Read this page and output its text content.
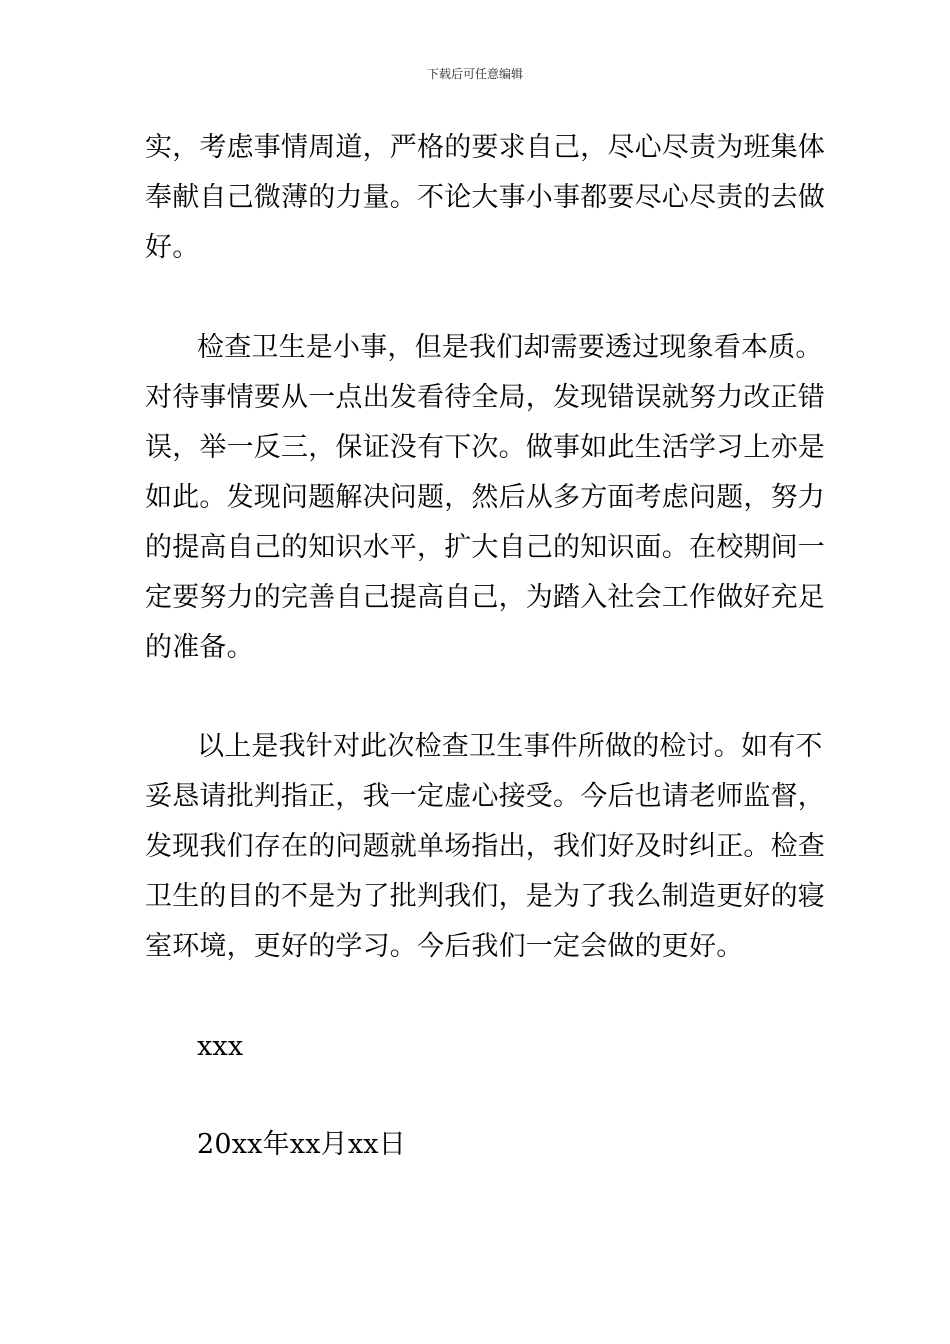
下载后可任意编辑
实，考虑事情周道，严格的要求自己，尽心尽责为班集体
奉献自己微薄的力量。不论大事小事都要尽心尽责的去做
好。
检查卫生是小事，但是我们却需要透过现象看本质。
对待事情要从一点出发看待全局，发现错误就努力改正错
误，举一反三，保证没有下次。做事如此生活学习上亦是
如此。发现问题解决问题，然后从多方面考虑问题，努力
的提高自己的知识水平，扩大自己的知识面。在校期间一
定要努力的完善自己提高自己，为踏入社会工作做好充足
的准备。
以上是我针对此次检查卫生事件所做的检讨。如有不
妥恳请批判指正，我一定虚心接受。今后也请老师监督，
发现我们存在的问题就单场指出，我们好及时纠正。检查
卫生的目的不是为了批判我们，是为了我么制造更好的寝
室环境，更好的学习。今后我们一定会做的更好。
xxx
20xx年xx月xx日
